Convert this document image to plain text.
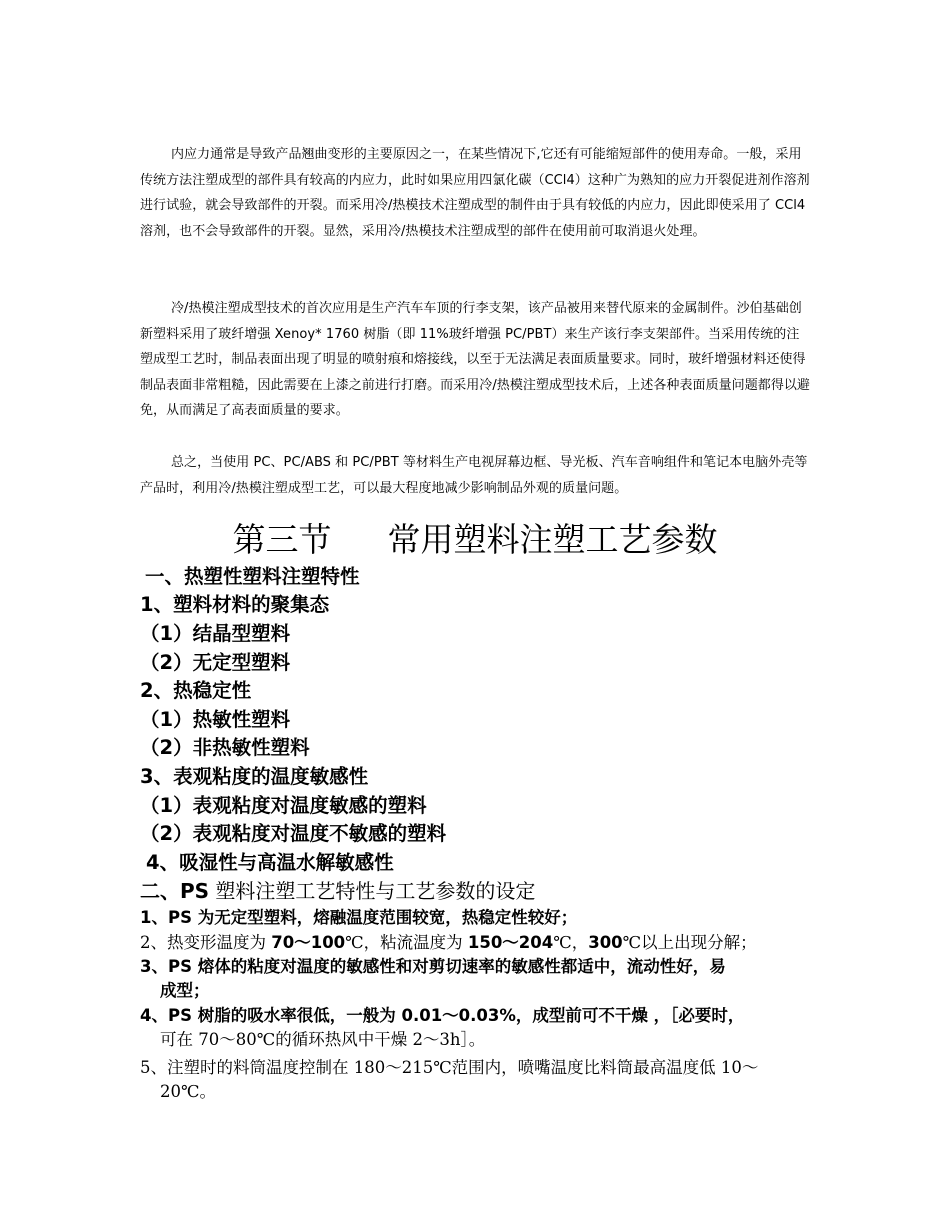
内应力通常是导致产品翘曲变形的主要原因之一，在某些情况下,它还有可能缩短部件的使用寿命。一般，采用传统方法注塑成型的部件具有较高的内应力，此时如果应用四氯化碳（CCl4）这种广为熟知的应力开裂促进剂作溶剂进行试验，就会导致部件的开裂。而采用冷/热模技术注塑成型的制件由于具有较低的内应力，因此即使采用了 CCl4 溶剂，也不会导致部件的开裂。显然，采用冷/热模技术注塑成型的部件在使用前可取消退火处理。
冷/热模注塑成型技术的首次应用是生产汽车车顶的行李支架，该产品被用来替代原来的金属制件。沙伯基础创新塑料采用了玻纤增强 Xenoy* 1760 树脂（即 11%玻纤增强 PC/PBT）来生产该行李支架部件。当采用传统的注塑成型工艺时，制品表面出现了明显的喷射痕和熔接线，以至于无法满足表面质量要求。同时，玻纤增强材料还使得制品表面非常粗糙，因此需要在上漆之前进行打磨。而采用冷/热模注塑成型技术后，上述各种表面质量问题都得以避免，从而满足了高表面质量的要求。
总之，当使用 PC、PC/ABS 和 PC/PBT 等材料生产电视屏幕边框、导光板、汽车音响组件和笔记本电脑外壳等产品时，利用冷/热模注塑成型工艺，可以最大程度地减少影响制品外观的质量问题。
第三节 常用塑料注塑工艺参数
一、热塑性塑料注塑特性
1、塑料材料的聚集态
（1）结晶型塑料
（2）无定型塑料
2、热稳定性
（1）热敏性塑料
（2）非热敏性塑料
3、表观粘度的温度敏感性
（1）表观粘度对温度敏感的塑料
（2）表观粘度对温度不敏感的塑料
4、吸湿性与高温水解敏感性
二、PS 塑料注塑工艺特性与工艺参数的设定
1、PS 为无定型塑料，熔融温度范围较宽，热稳定性较好；
2、热变形温度为 70～100℃，粘流温度为 150～204℃，300℃以上出现分解；
3、PS 熔体的粘度对温度的敏感性和对剪切速率的敏感性都适中，流动性好，易
成型；
4、PS 树脂的吸水率很低，一般为 0.01～0.03%，成型前可不干燥 ，［必要时，
可在 70～80℃的循环热风中干燥 2～3h］。
5、注塑时的料筒温度控制在 180～215℃范围内，喷嘴温度比料筒最高温度低 10～
20℃。
